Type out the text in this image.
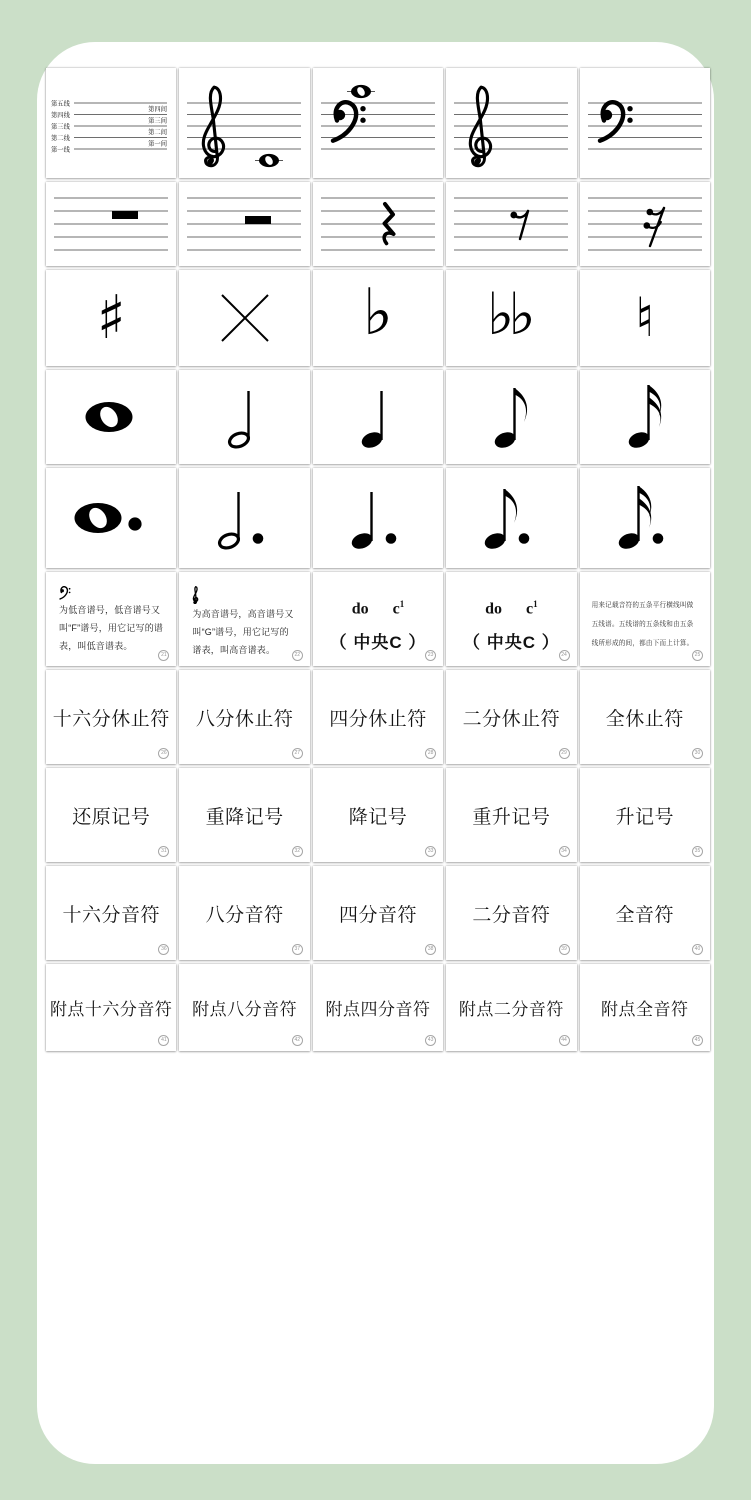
第五线
第四线
第三线
第二线
第一线
第四间
第三间
第二间
第一间
♯	♭ ♭♭ ♮
为低音谱号，低音谱号又叫“F”谱号，用它记写的谱表，叫低音谱表。
21
为高音谱号，高音谱号又叫“G”谱号，用它记写的谱表，叫高音谱表。	22
do $c^1$
（ 中央C ）
23
do $c^1$
（ 中央C ）
24
用来记载音符的五条平行横线叫做五线谱。五线谱的五条线和由五条线所形成的间，都由下而上计算。
25
十六分休止符
26
八分休止符
27
四分休止符
28
二分休止符
29
全休止符
30
还原记号
31
重降记号
32
降记号
33
重升记号
34
升记号
35
十六分音符
36
八分音符
37
四分音符
38
二分音符
39
全音符
40
附点十六分音符
41
附点八分音符
42
附点四分音符
43
附点二分音符
44
附点全音符
45
